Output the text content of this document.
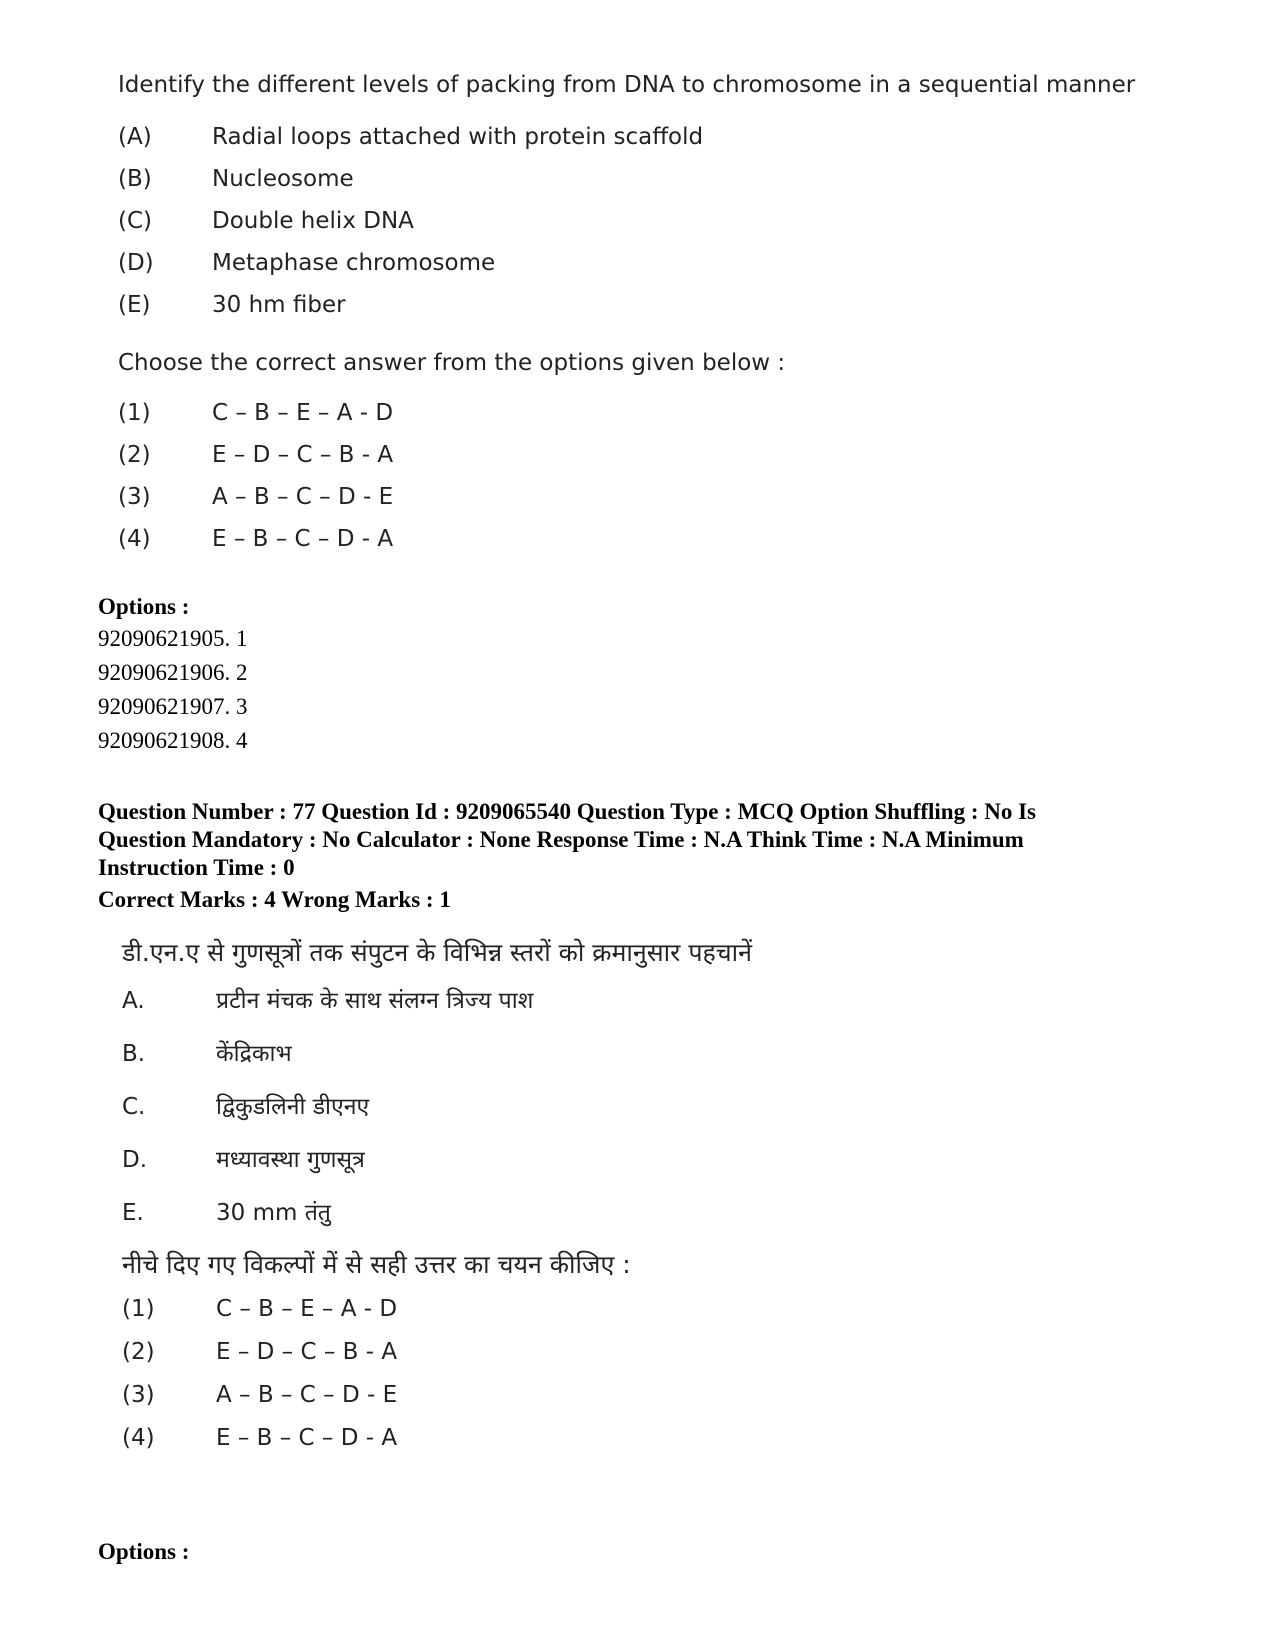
Identify the different levels of packing from DNA to chromosome in a sequential manner

(A)	Radial loops attached with protein scaffold
(B)	Nucleosome
(C)	Double helix DNA
(D)	Metaphase chromosome
(E)	30 hm fiber

Choose the correct answer from the options given below :

(1)	C – B – E – A - D
(2)	E – D – C – B - A
(3)	A – B – C – D - E
(4)	E – B – C – D - A
Options :
92090621905. 1
92090621906. 2
92090621907. 3
92090621908. 4
Question Number : 77 Question Id : 9209065540 Question Type : MCQ Option Shuffling : No Is
Question Mandatory : No Calculator : None Response Time : N.A Think Time : N.A Minimum
Instruction Time : 0
Correct Marks : 4 Wrong Marks : 1

डी.एन.ए से गुणसूत्रों तक संपुटन के विभिन्न स्तरों को क्रमानुसार पहचानें

A.	प्रटीन मंचक के साथ संलग्न त्रिज्य पाश
B.	केंद्रिकाभ
C.	द्विकुडलिनी डीएनए
D.	मध्यावस्था गुणसूत्र
E.	30 mm तंतु

नीचे दिए गए विकल्पों में से सही उत्तर का चयन कीजिए :

(1)	C – B – E – A - D
(2)	E – D – C – B - A
(3)	A – B – C – D - E
(4)	E – B – C – D - A
Options :
